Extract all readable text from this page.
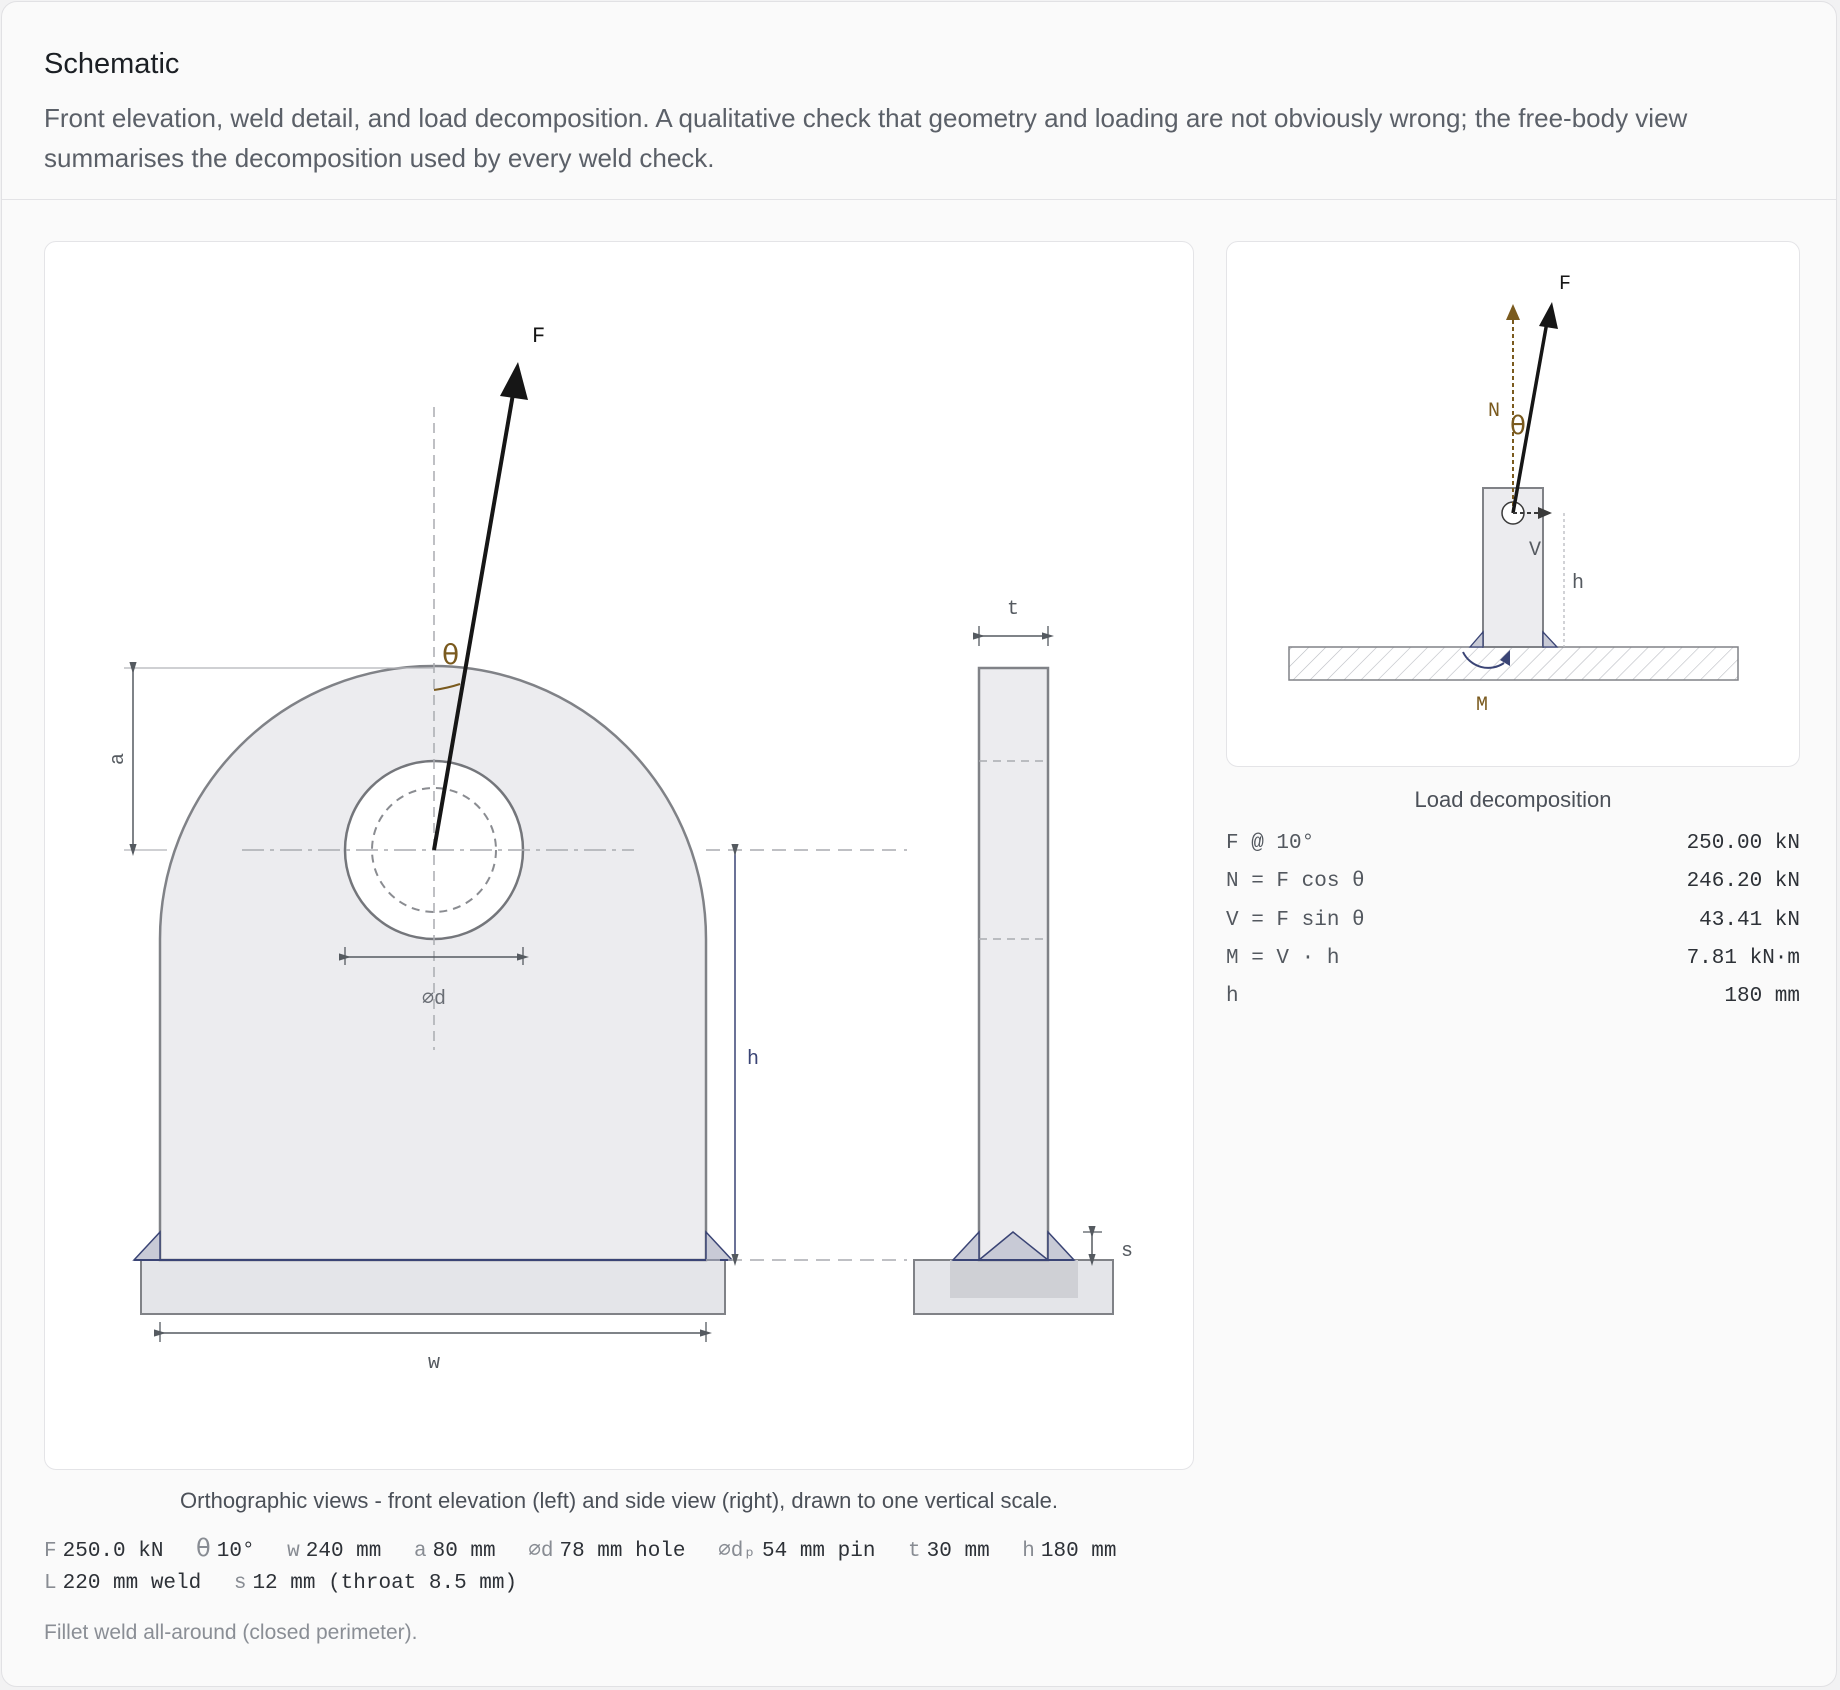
Schematic
Front elevation, weld detail, and load decomposition. A qualitative check that geometry and loading are not obviously wrong; the free-body view summarises the decomposition used by every weld check.
a
⌀d
h
w
θ
F
t
s
h
N θ
F
V
M
Orthographic views - front elevation (left) and side view (right), drawn to one vertical scale.
Load decomposition
F @ 10°	250.00 kN
N = F cos θ	246.20 kN
V = F sin θ	43.41 kN
M = V · h	7.81 kN·m
h	180 mm
F 250.0 kN θ 10° w 240 mm a 80 mm ⌀d 78 mm hole ⌀dₚ 54 mm pin t 30 mm h 180 mm
L 220 mm weld s 12 mm (throat 8.5 mm)
Fillet weld all-around (closed perimeter).
